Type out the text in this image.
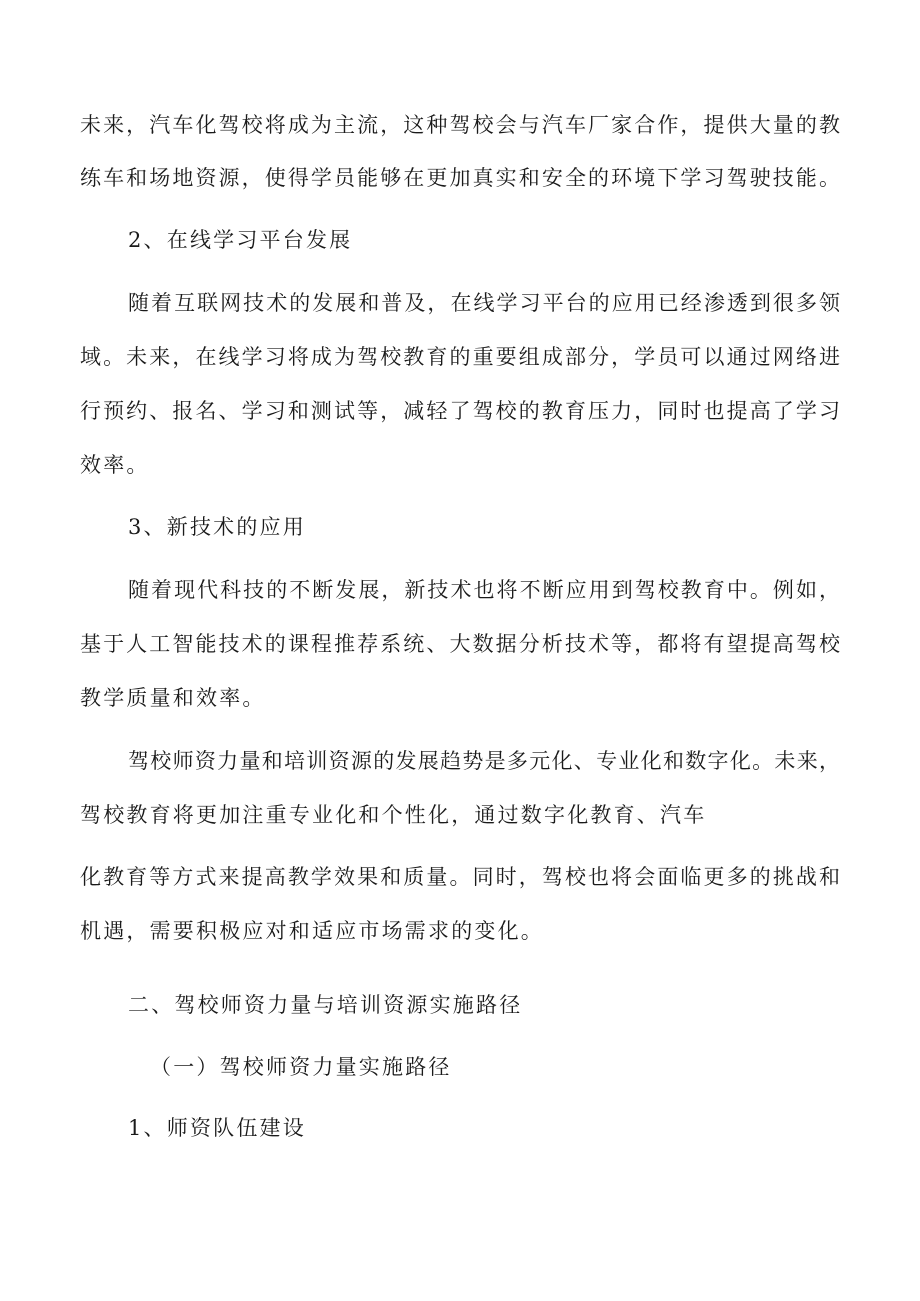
未来，汽车化驾校将成为主流，这种驾校会与汽车厂家合作，提供大量的教
练车和场地资源，使得学员能够在更加真实和安全的环境下学习驾驶技能。
2、在线学习平台发展
随着互联网技术的发展和普及，在线学习平台的应用已经渗透到很多领
域。未来，在线学习将成为驾校教育的重要组成部分，学员可以通过网络进
行预约、报名、学习和测试等，减轻了驾校的教育压力，同时也提高了学习
效率。
3、新技术的应用
随着现代科技的不断发展，新技术也将不断应用到驾校教育中。例如，
基于人工智能技术的课程推荐系统、大数据分析技术等，都将有望提高驾校
教学质量和效率。
驾校师资力量和培训资源的发展趋势是多元化、专业化和数字化。未来，
驾校教育将更加注重专业化和个性化，通过数字化教育、汽车
化教育等方式来提高教学效果和质量。同时，驾校也将会面临更多的挑战和
机遇，需要积极应对和适应市场需求的变化。
二、驾校师资力量与培训资源实施路径
（一）驾校师资力量实施路径
1、师资队伍建设
